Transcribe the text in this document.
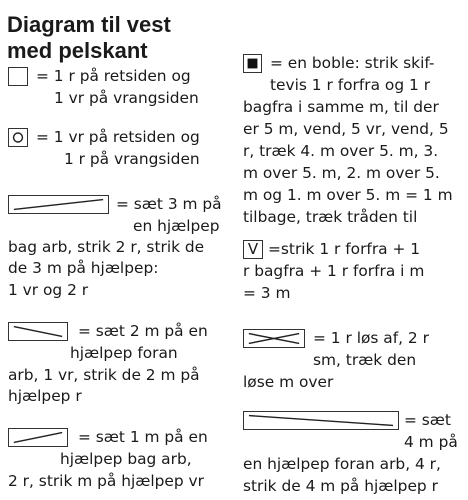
Diagram til vest
med pelskant
= 1 r på retsiden og
1 vr på vrangsiden
= 1 vr på retsiden og
1 r på vrangsiden
= sæt 3 m på
en hjælpep
bag arb, strik 2 r, strik de
de 3 m på hjælpep:
1 vr og 2 r
= sæt 2 m på en
hjælpep foran
arb, 1 vr, strik de 2 m på
hjælpep r
= sæt 1 m på en
hjælpep bag arb,
2 r, strik m på hjælpep vr
= en boble: strik skif-
tevis 1 r forfra og 1 r
bagfra i samme m, til der
er 5 m, vend, 5 vr, vend, 5
r, træk 4. m over 5. m, 3.
m over 5. m, 2. m over 5.
m og 1. m over 5. m = 1 m
tilbage, træk tråden til
V =strik 1 r forfra + 1
r bagfra + 1 r forfra i m
= 3 m
= 1 r løs af, 2 r
sm, træk den
løse m over
= sæt
4 m på
en hjælpep foran arb, 4 r,
strik de 4 m på hjælpep r
